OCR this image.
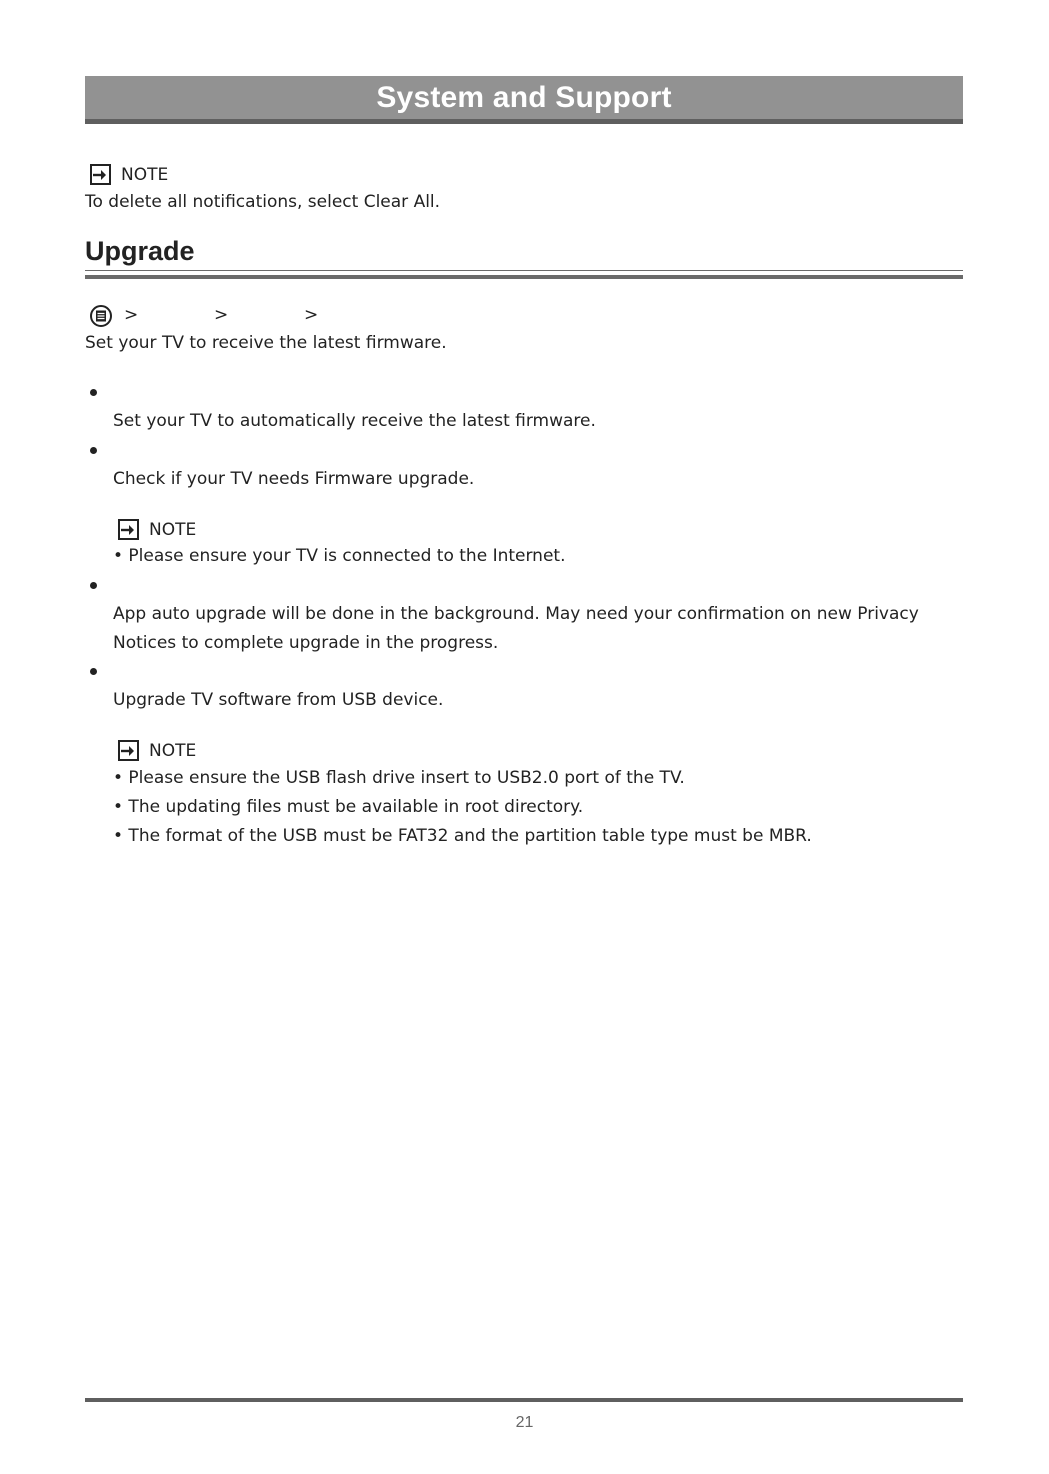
System and Support
NOTE
To delete all notifications, select Clear All.
Upgrade
>	>	>
Set your TV to receive the latest firmware.
Set your TV to automatically receive the latest firmware.
Check if your TV needs Firmware upgrade.
NOTE
• Please ensure your TV is connected to the Internet.
App auto upgrade will be done in the background. May need your confirmation on new Privacy
Notices to complete upgrade in the progress.
Upgrade TV software from USB device.
NOTE
• Please ensure the USB flash drive insert to USB2.0 port of the TV.
• The updating files must be available in root directory.
• The format of the USB must be FAT32 and the partition table type must be MBR.
21
